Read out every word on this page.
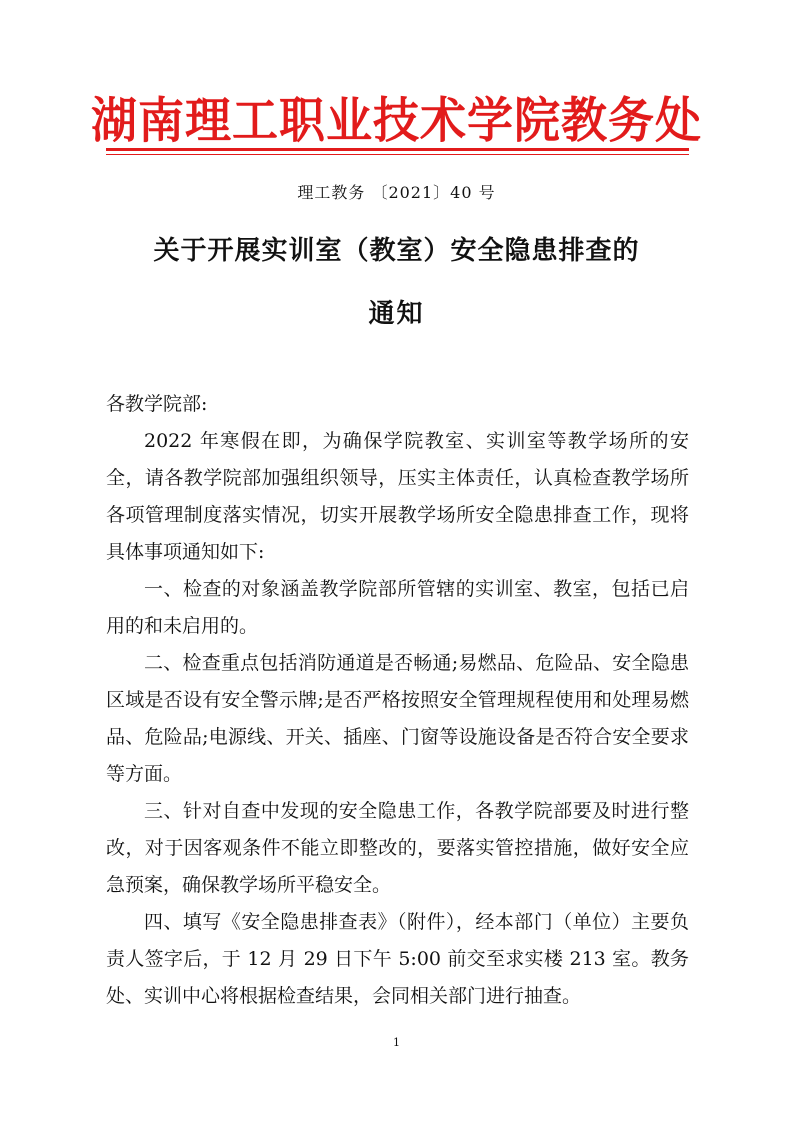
湖南理工职业技术学院教务处
理工教务 〔2021〕40 号
关于开展实训室（教室）安全隐患排查的
通知

各教学院部:

2022 年寒假在即，为确保学院教室、实训室等教学场所的安全，请各教学院部加强组织领导，压实主体责任，认真检查教学场所各项管理制度落实情况，切实开展教学场所安全隐患排查工作，现将具体事项通知如下:

一、检查的对象涵盖教学院部所管辖的实训室、教室，包括已启用的和未启用的。

二、检查重点包括消防通道是否畅通;易燃品、危险品、安全隐患区域是否设有安全警示牌;是否严格按照安全管理规程使用和处理易燃品、危险品;电源线、开关、插座、门窗等设施设备是否符合安全要求等方面。

三、针对自查中发现的安全隐患工作，各教学院部要及时进行整改，对于因客观条件不能立即整改的，要落实管控措施，做好安全应急预案，确保教学场所平稳安全。

四、填写《安全隐患排查表》（附件），经本部门（单位）主要负责人签字后，于 12 月 29 日下午 5:00 前交至求实楼 213 室。教务处、实训中心将根据检查结果，会同相关部门进行抽查。

1
